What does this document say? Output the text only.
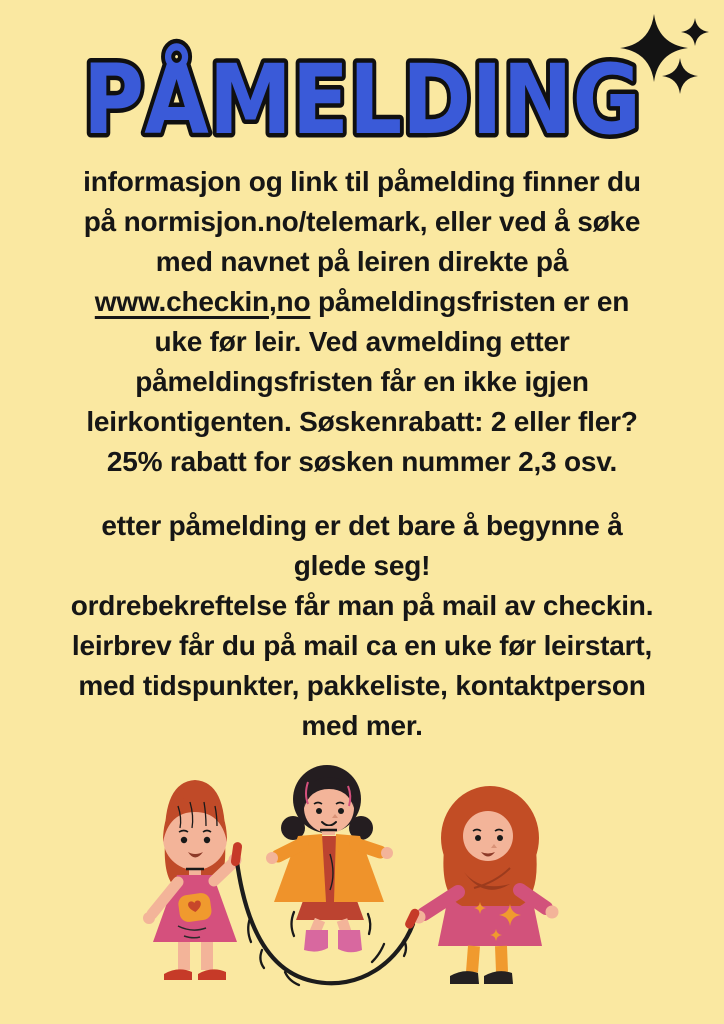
PÅMELDING
informasjon og link til påmelding finner du
på normisjon.no/telemark, eller ved å søke
med navnet på leiren direkte på
www.checkin,no påmeldingsfristen er en
uke før leir. Ved avmelding etter
påmeldingsfristen får en ikke igjen
leirkontigenten. Søskenrabatt: 2 eller fler?
25% rabatt for søsken nummer 2,3 osv.
etter påmelding er det bare å begynne å
glede seg!
ordrebekreftelse får man på mail av checkin.
leirbrev får du på mail ca en uke før leirstart,
med tidspunkter, pakkeliste, kontaktperson
med mer.
